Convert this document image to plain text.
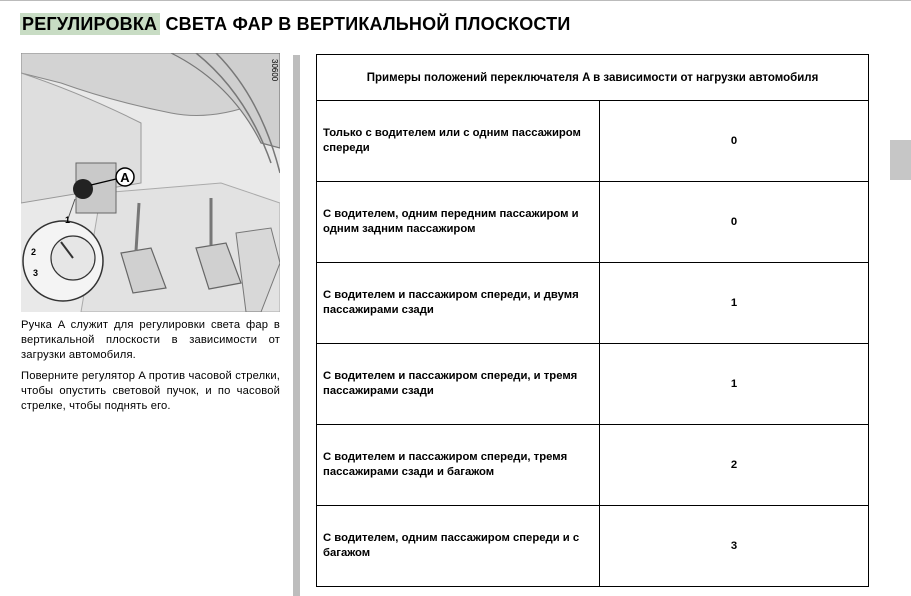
РЕГУЛИРОВКА СВЕТА ФАР В ВЕРТИКАЛЬНОЙ ПЛОСКОСТИ
A
1
2
3
30600

Ручка A служит для регулировки света фар в вертикальной плоскости в зависимости от загрузки автомобиля.

Поверните регулятор A против часовой стрелки, чтобы опустить световой пучок, и по часовой стрелке, чтобы поднять его.

Примеры положений переключателя A в зависимости от нагрузки автомобиля	
Только с водителем или с одним пассажиром спереди	0
С водителем, одним передним пассажиром и одним задним пассажиром	0
С водителем и пассажиром спереди, и двумя пассажирами сзади	1
С водителем и пассажиром спереди, и тремя пассажирами сзади	1
С водителем и пассажиром спереди, тремя пассажирами сзади и багажом	2
С водителем, одним пассажиром спереди и с багажом	3
